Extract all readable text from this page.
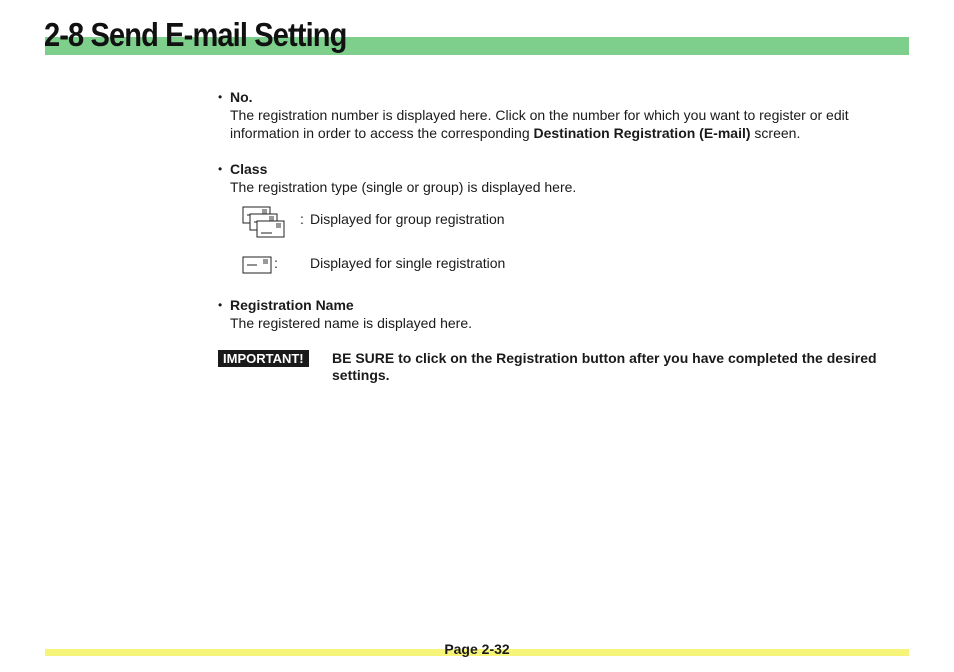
2-8 Send E-mail Setting
• No.
The registration number is displayed here. Click on the number for which you want to register or edit information in order to access the corresponding Destination Registration (E-mail) screen.
• Class
The registration type (single or group) is displayed here.
: Displayed for group registration
: Displayed for single registration
• Registration Name
The registered name is displayed here.
IMPORTANT!	BE SURE to click on the Registration button after you have completed the desired settings.
Page 2-32
